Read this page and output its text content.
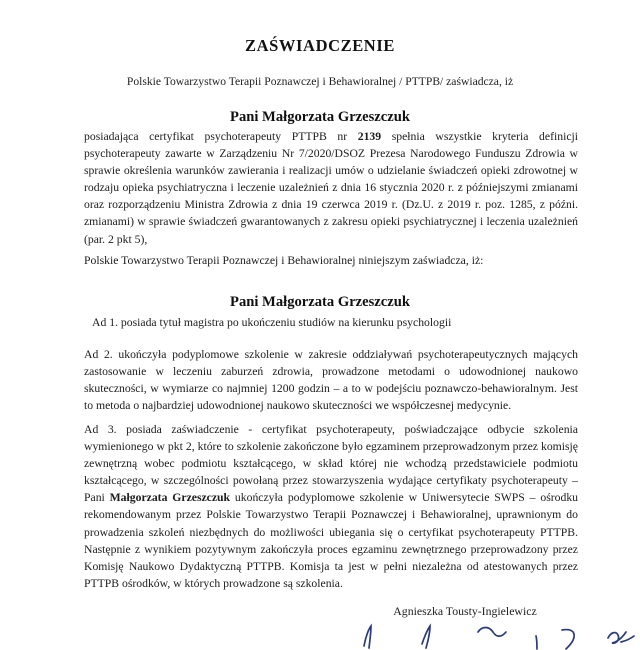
ZAŚWIADCZENIE

Polskie Towarzystwo Terapii Poznawczej i Behawioralnej / PTTPB/ zaświadcza, iż

Pani Małgorzata Grzeszczuk

posiadająca certyfikat psychoterapeuty PTTPB nr 2139 spełnia wszystkie kryteria definicji psychoterapeuty zawarte w Zarządzeniu Nr 7/2020/DSOZ Prezesa Narodowego Funduszu Zdrowia w sprawie określenia warunków zawierania i realizacji umów o udzielanie świadczeń opieki zdrowotnej w rodzaju opieka psychiatryczna i leczenie uzależnień z dnia 16 stycznia 2020 r. z późniejszymi zmianami oraz rozporządzeniu Ministra Zdrowia z dnia 19 czerwca 2019 r. (Dz.U. z 2019 r. poz. 1285, z późni. zmianami) w sprawie świadczeń gwarantowanych z zakresu opieki psychiatrycznej i leczenia uzależnień (par. 2 pkt 5),

Polskie Towarzystwo Terapii Poznawczej i Behawioralnej niniejszym zaświadcza, iż:

Pani Małgorzata Grzeszczuk

Ad 1. posiada tytuł magistra po ukończeniu studiów na kierunku psychologii

Ad 2. ukończyła podyplomowe szkolenie w zakresie oddziaływań psychoterapeutycznych mających zastosowanie w leczeniu zaburzeń zdrowia, prowadzone metodami o udowodnionej naukowo skuteczności, w wymiarze co najmniej 1200 godzin – a to w podejściu poznawczo-behawioralnym. Jest to metoda o najbardziej udowodnionej naukowo skuteczności we współczesnej medycynie.

Ad 3. posiada zaświadczenie - certyfikat psychoterapeuty, poświadczające odbycie szkolenia wymienionego w pkt 2, które to szkolenie zakończone było egzaminem przeprowadzonym przez komisję zewnętrzną wobec podmiotu kształcącego, w skład której nie wchodzą przedstawiciele podmiotu kształcącego, w szczególności powołaną przez stowarzyszenia wydające certyfikaty psychoterapeuty – Pani Małgorzata Grzeszczuk ukończyła podyplomowe szkolenie w Uniwersytecie SWPS – ośrodku rekomendowanym przez Polskie Towarzystwo Terapii Poznawczej i Behawioralnej, uprawnionym do prowadzenia szkoleń niezbędnych do możliwości ubiegania się o certyfikat psychoterapeuty PTTPB. Następnie z wynikiem pozytywnym zakończyła proces egzaminu zewnętrznego przeprowadzony przez Komisję Naukowo Dydaktyczną PTTPB. Komisja ta jest w pełni niezależna od atestowanych przez PTTPB ośrodków, w których prowadzone są szkolenia.

Agnieszka Tousty-Ingielewicz
